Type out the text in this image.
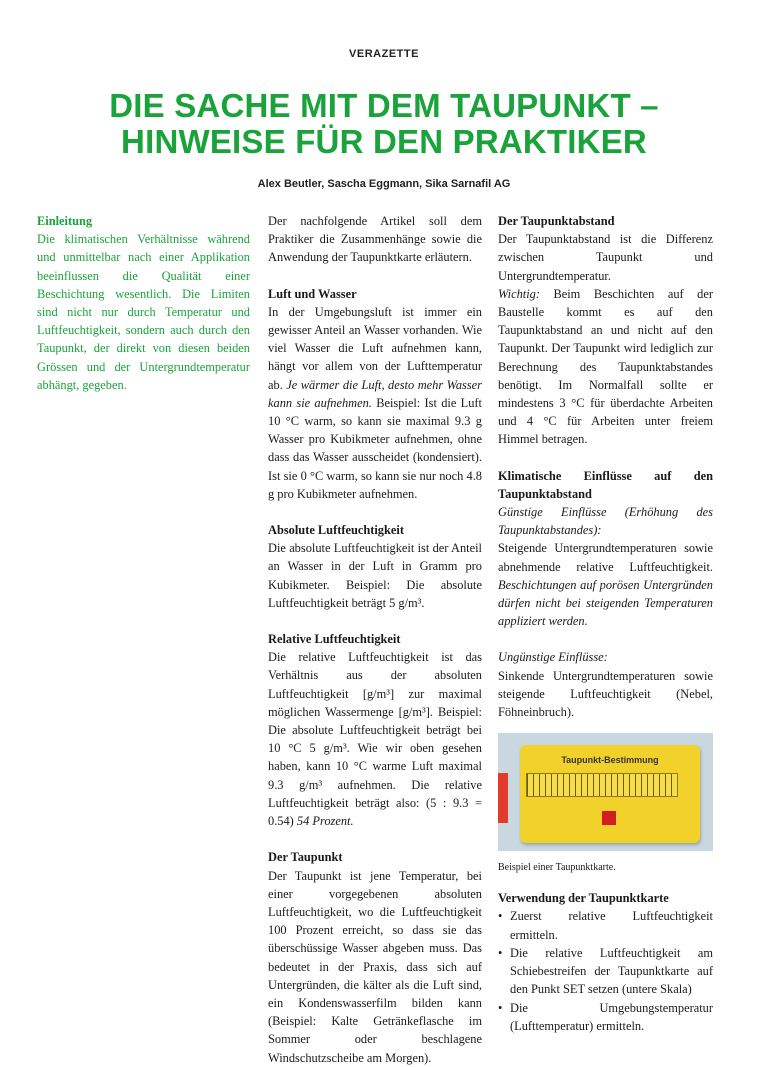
VERAZETTE
DIE SACHE MIT DEM TAUPUNKT –
HINWEISE FÜR DEN PRAKTIKER
Alex Beutler, Sascha Eggmann, Sika Sarnafil AG
Einleitung

Die klimatischen Verhältnisse während und unmittelbar nach einer Applikation beeinflussen die Qualität einer Beschichtung wesentlich. Die Limiten sind nicht nur durch Temperatur und Luftfeuchtigkeit, sondern auch durch den Taupunkt, der direkt von diesen beiden Grössen und der Untergrundtemperatur abhängt, gegeben.

Der nachfolgende Artikel soll dem Praktiker die Zusammenhänge sowie die Anwendung der Taupunktkarte erläutern.

Luft und Wasser

In der Umgebungsluft ist immer ein gewisser Anteil an Wasser vorhanden. Wie viel Wasser die Luft aufnehmen kann, hängt vor allem von der Lufttemperatur ab. Je wärmer die Luft, desto mehr Wasser kann sie aufnehmen. Beispiel: Ist die Luft 10 °C warm, so kann sie maximal 9.3 g Wasser pro Kubikmeter aufnehmen, ohne dass das Wasser ausscheidet (kondensiert). Ist sie 0 °C warm, so kann sie nur noch 4.8 g pro Kubikmeter aufnehmen.

Absolute Luftfeuchtigkeit

Die absolute Luftfeuchtigkeit ist der Anteil an Wasser in der Luft in Gramm pro Kubikmeter. Beispiel: Die absolute Luftfeuchtigkeit beträgt 5 g/m³.

Relative Luftfeuchtigkeit

Die relative Luftfeuchtigkeit ist das Verhältnis aus der absoluten Luftfeuchtigkeit [g/m³] zur maximal möglichen Wassermenge [g/m³]. Beispiel: Die absolute Luftfeuchtigkeit beträgt bei 10 °C 5 g/m³. Wie wir oben gesehen haben, kann 10 °C warme Luft maximal 9.3 g/m³ aufnehmen. Die relative Luftfeuchtigkeit beträgt also: (5 : 9.3 = 0.54) 54 Prozent.

Der Taupunkt

Der Taupunkt ist jene Temperatur, bei einer vorgegebenen absoluten Luftfeuchtigkeit, wo die Luftfeuchtigkeit 100 Prozent erreicht, so dass sie das überschüssige Wasser abgeben muss. Das bedeutet in der Praxis, dass sich auf Untergründen, die kälter als die Luft sind, ein Kondenswasserfilm bilden kann (Beispiel: Kalte Getränkeflasche im Sommer oder beschlagene Windschutzscheibe am Morgen).

Der Taupunktabstand

Der Taupunktabstand ist die Differenz zwischen Taupunkt und Untergrundtemperatur.

Wichtig: Beim Beschichten auf der Baustelle kommt es auf den Taupunktabstand an und nicht auf den Taupunkt. Der Taupunkt wird lediglich zur Berechnung des Taupunktabstandes benötigt. Im Normalfall sollte er mindestens 3 °C für überdachte Arbeiten und 4 °C für Arbeiten unter freiem Himmel betragen.

Klimatische Einflüsse auf den Taupunktabstand

Günstige Einflüsse (Erhöhung des Taupunktabstandes):

Steigende Untergrundtemperaturen sowie abnehmende relative Luftfeuchtigkeit. Beschichtungen auf porösen Untergründen dürfen nicht bei steigenden Temperaturen appliziert werden.

Ungünstige Einflüsse:

Sinkende Untergrundtemperaturen sowie steigende Luftfeuchtigkeit (Nebel, Föhneinbruch).

Taupunkt-Bestimmung
Beispiel einer Taupunktkarte.
Verwendung der Taupunktkarte
• Zuerst relative Luftfeuchtigkeit ermitteln.
• Die relative Luftfeuchtigkeit am Schiebestreifen der Taupunktkarte auf den Punkt SET setzen (untere Skala)
• Die Umgebungstemperatur (Lufttemperatur) ermitteln.
